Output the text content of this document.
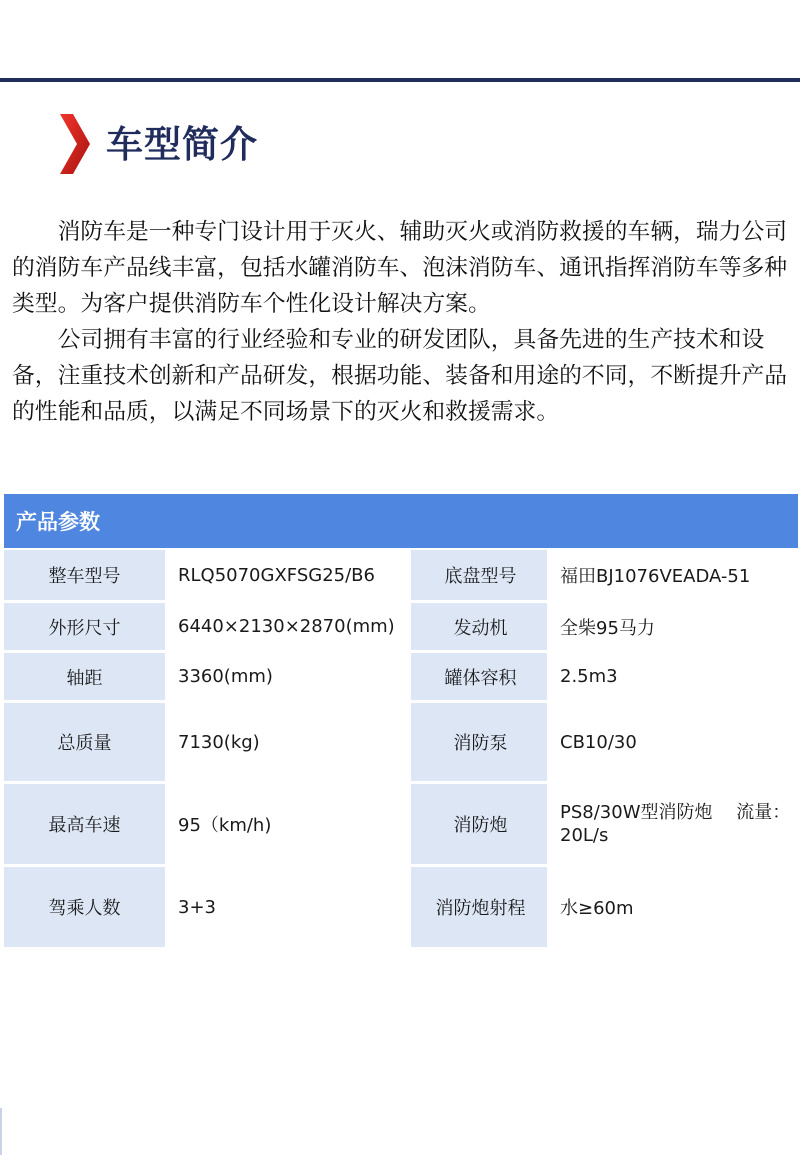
车型简介

消防车是一种专门设计用于灭火、辅助灭火或消防救援的车辆，瑞力公司的消防车产品线丰富，包括水罐消防车、泡沫消防车、通讯指挥消防车等多种类型。为客户提供消防车个性化设计解决方案。

公司拥有丰富的行业经验和专业的研发团队，具备先进的生产技术和设备，注重技术创新和产品研发，根据功能、装备和用途的不同，不断提升产品的性能和品质，以满足不同场景下的灭火和救援需求。

产品参数
整车型号	RLQ5070GXFSG25/B6	底盘型号	福田BJ1076VEADA-51
外形尺寸	6440×2130×2870(mm)	发动机	全柴95马力
轴距	3360(mm)	罐体容积	2.5m3
总质量	7130(kg)	消防泵	CB10/30
最高车速	95（km/h)	消防炮	PS8/30W型消防炮　 流量：20L/s

驾乘人数	3+3	消防炮射程	水≥60m
